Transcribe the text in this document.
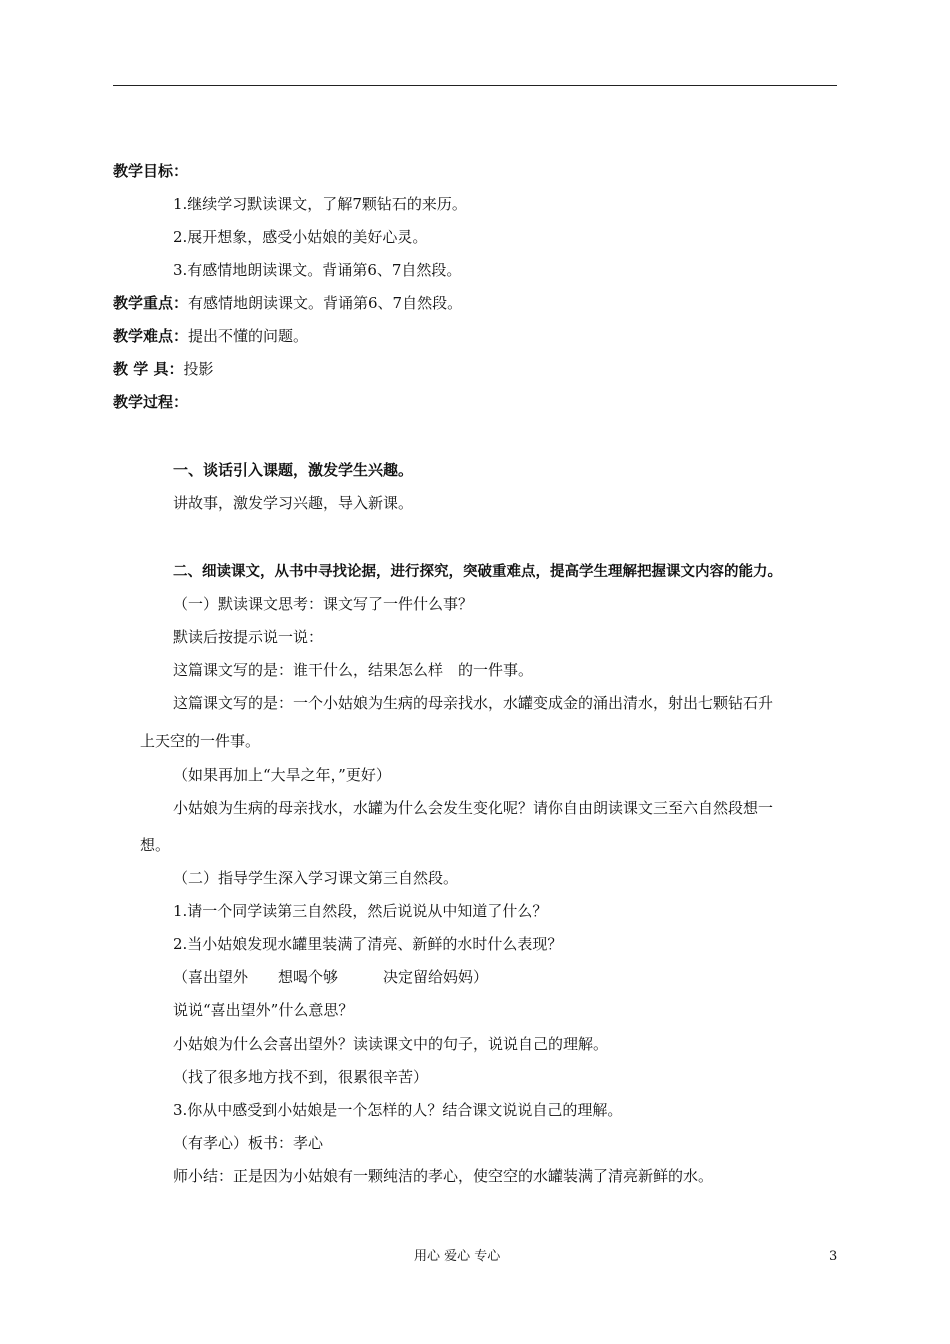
教学目标：
1.继续学习默读课文，了解7颗钻石的来历。
2.展开想象，感受小姑娘的美好心灵。
3.有感情地朗读课文。背诵第6、7自然段。
教学重点：有感情地朗读课文。背诵第6、7自然段。
教学难点：提出不懂的问题。
教 学 具：投影
教学过程：
一、谈话引入课题，激发学生兴趣。
讲故事，激发学习兴趣，导入新课。
二、细读课文，从书中寻找论据，进行探究，突破重难点，提高学生理解把握课文内容的能力。
（一）默读课文思考：课文写了一件什么事？
默读后按提示说一说：
这篇课文写的是：谁干什么，结果怎么样　的一件事。
这篇课文写的是：一个小姑娘为生病的母亲找水，水罐变成金的涌出清水，射出七颗钻石升
上天空的一件事。
（如果再加上“大旱之年，”更好）
小姑娘为生病的母亲找水，水罐为什么会发生变化呢？请你自由朗读课文三至六自然段想一
想。
（二）指导学生深入学习课文第三自然段。
1.请一个同学读第三自然段，然后说说从中知道了什么？
2.当小姑娘发现水罐里装满了清亮、新鲜的水时什么表现？
（喜出望外　　想喝个够　　　决定留给妈妈）
说说“喜出望外”什么意思？
小姑娘为什么会喜出望外？读读课文中的句子，说说自己的理解。
（找了很多地方找不到，很累很辛苦）
3.你从中感受到小姑娘是一个怎样的人？结合课文说说自己的理解。
（有孝心）板书：孝心
师小结：正是因为小姑娘有一颗纯洁的孝心，使空空的水罐装满了清亮新鲜的水。
用心 爱心 专心	3
